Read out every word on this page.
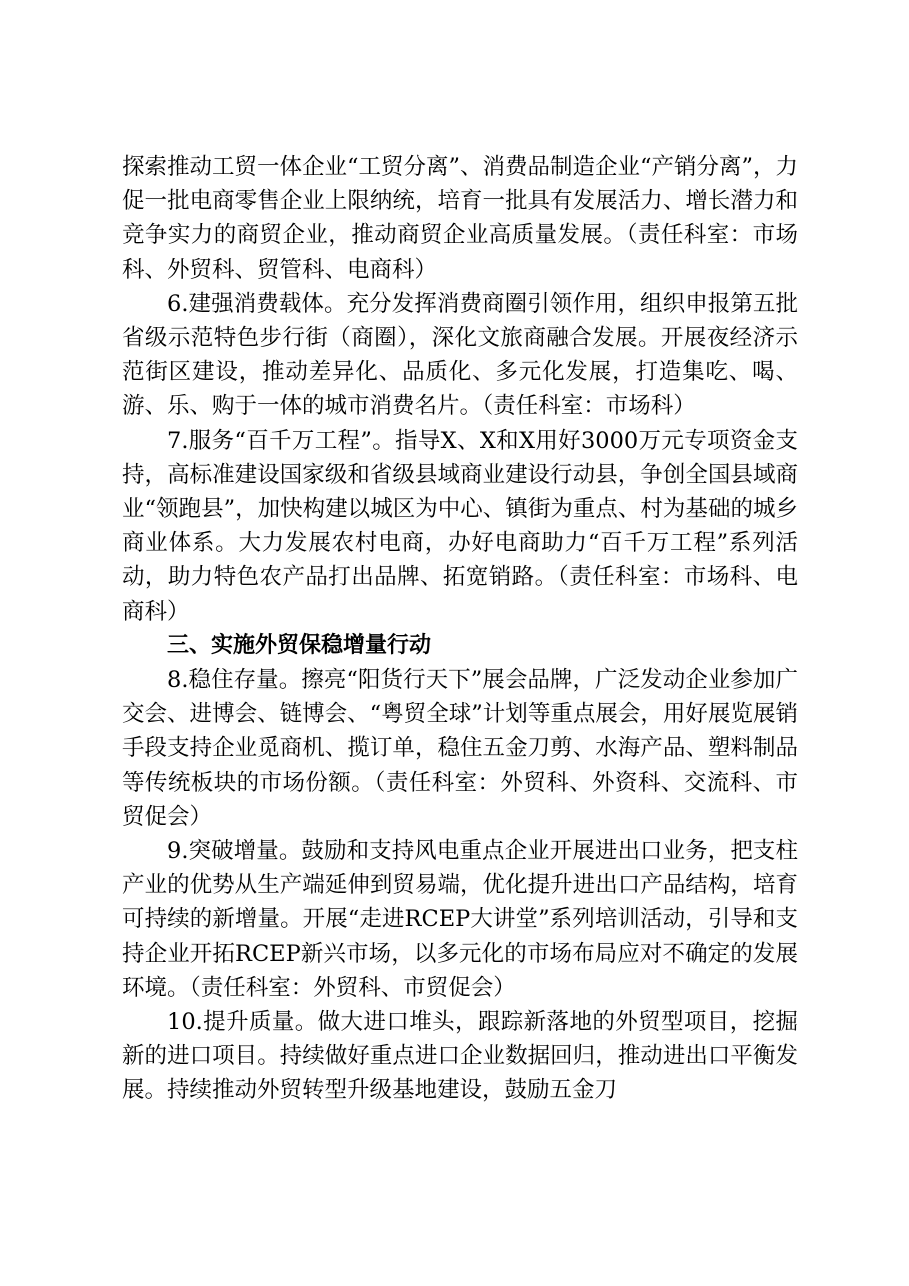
探索推动工贸一体企业“工贸分离”、消费品制造企业“产销分离”，力促一批电商零售企业上限纳统，培育一批具有发展活力、增长潜力和竞争实力的商贸企业，推动商贸企业高质量发展。（责任科室：市场科、外贸科、贸管科、电商科）

6.建强消费载体。充分发挥消费商圈引领作用，组织申报第五批省级示范特色步行街（商圈），深化文旅商融合发展。开展夜经济示范街区建设，推动差异化、品质化、多元化发展，打造集吃、喝、游、乐、购于一体的城市消费名片。（责任科室：市场科）

7.服务“百千万工程”。指导X、X和X用好3000万元专项资金支持，高标准建设国家级和省级县域商业建设行动县，争创全国县域商业“领跑县”，加快构建以城区为中心、镇街为重点、村为基础的城乡商业体系。大力发展农村电商，办好电商助力“百千万工程”系列活动，助力特色农产品打出品牌、拓宽销路。（责任科室：市场科、电商科）

三、实施外贸保稳增量行动

8.稳住存量。擦亮“阳货行天下”展会品牌，广泛发动企业参加广交会、进博会、链博会、“粤贸全球”计划等重点展会，用好展览展销手段支持企业觅商机、揽订单，稳住五金刀剪、水海产品、塑料制品等传统板块的市场份额。（责任科室：外贸科、外资科、交流科、市贸促会）

9.突破增量。鼓励和支持风电重点企业开展进出口业务，把支柱产业的优势从生产端延伸到贸易端，优化提升进出口产品结构，培育可持续的新增量。开展“走进RCEP大讲堂”系列培训活动，引导和支持企业开拓RCEP新兴市场，以多元化的市场布局应对不确定的发展环境。（责任科室：外贸科、市贸促会）

10.提升质量。做大进口堆头，跟踪新落地的外贸型项目，挖掘新的进口项目。持续做好重点进口企业数据回归，推动进出口平衡发展。持续推动外贸转型升级基地建设，鼓励五金刀
